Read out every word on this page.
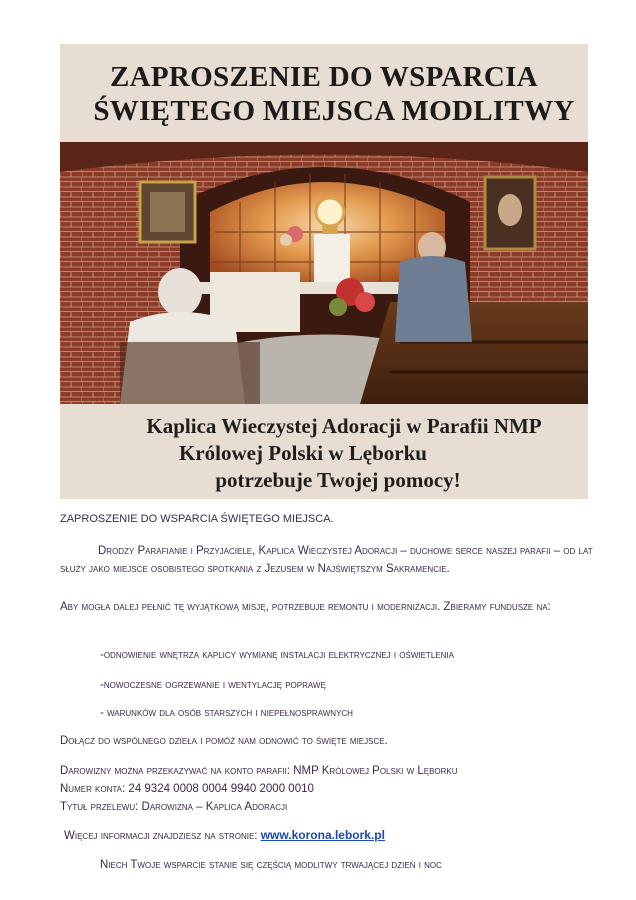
ZAPROSZENIE DO WSPARCIA
ŚWIĘTEGO MIEJSCA MODLITWY
Kaplica Wieczystej Adoracji w Parafii NMP
Królowej Polski w Lęborku
potrzebuje Twojej pomocy!
ZAPROSZENIE DO WSPARCIA ŚWIĘTEGO MIEJSCA.
Drodzy Parafianie i Przyjaciele, Kaplica Wieczystej Adoracji – duchowe serce naszej parafii – od lat służy jako miejsce osobistego spotkania z Jezusem w Najświętszym Sakramencie.
Aby mogła dalej pełnić tę wyjątkową misję, potrzebuje remontu i modernizacji. Zbieramy fundusze na:
-odnowienie wnętrza kaplicy wymianę instalacji elektrycznej i oświetlenia
-nowoczesne ogrzewanie i wentylację poprawę
- warunków dla osób starszych i niepełnosprawnych
Dołącz do wspólnego dzieła i pomóż nam odnowić to święte miejsce.
Darowizny można przekazywać na konto parafii: NMP Królowej Polski w Lęborku
Numer konta: 24 9324 0008 0004 9940 2000 0010
Tytuł przelewu: Darowizna – Kaplica Adoracji
Więcej informacji znajdziesz na stronie: www.korona.lebork.pl
Niech Twoje wsparcie stanie się częścią modlitwy trwającej dzień i noc
